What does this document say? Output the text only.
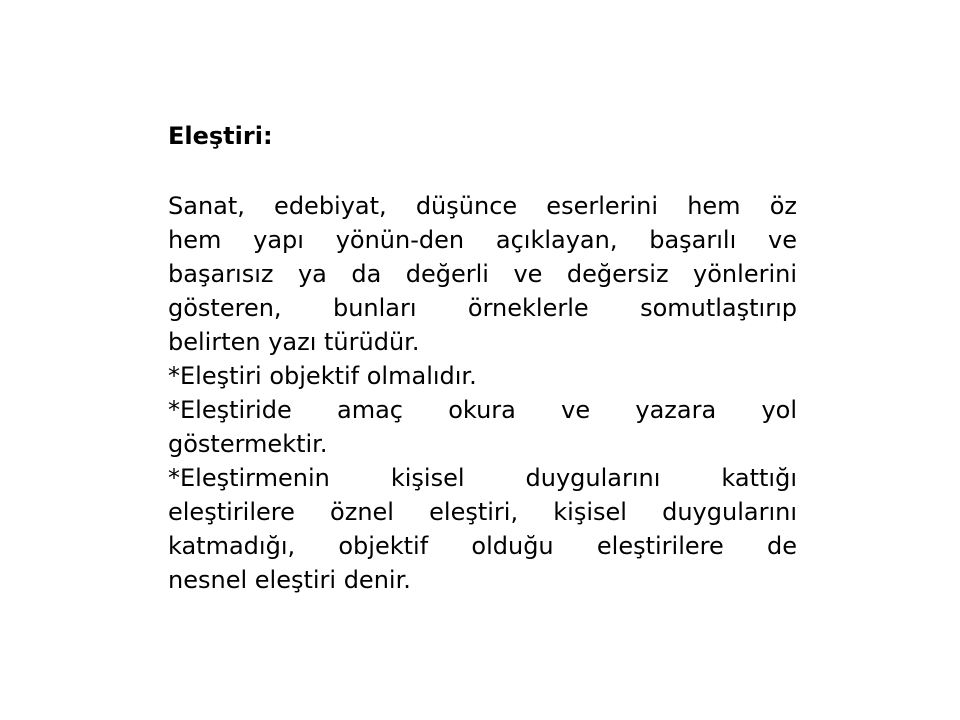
Eleştiri:
Sanat, edebiyat, düşünce eserlerini hem öz
hem yapı yönün-den açıklayan, başarılı ve
başarısız ya da değerli ve değersiz yönlerini
gösteren, bunları örneklerle somutlaştırıp
belirten yazı türüdür.
*Eleştiri objektif olmalıdır.
*Eleştiride amaç okura ve yazara yol
göstermektir.
*Eleştirmenin kişisel duygularını kattığı
eleştirilere öznel eleştiri, kişisel duygularını
katmadığı, objektif olduğu eleştirilere de
nesnel eleştiri denir.
